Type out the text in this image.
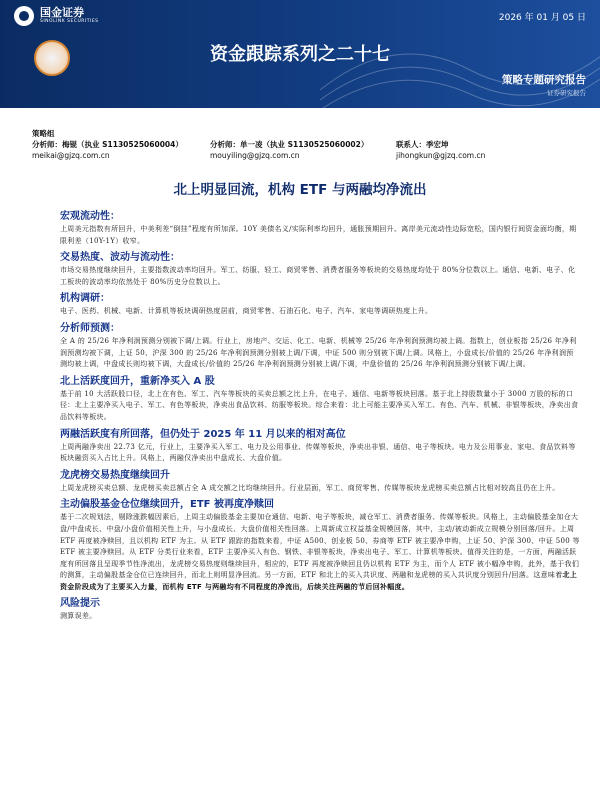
国金证券
SINOLINK SECURITIES	2026 年 01 月 05 日
资金跟踪系列之二十七
策略专题研究报告
证券研究报告
策略组
分析师：梅锟（执业 S1130525060004）	分析师：单一凌（执业 S1130525060002）	联系人：季宏坤
meikai@gjzq.com.cn	mouyiling@gjzq.com.cn	jihongkun@gjzq.com.cn
北上明显回流，机构 ETF 与两融均净流出
宏观流动性：
上周美元指数有所回升，中美利差“倒挂”程度有所加深。10Y 美债名义/实际利率均回升，通胀预期回升。离岸美元流动性边际宽松，国内银行间资金面均衡，期限利差（10Y-1Y）收窄。
交易热度、波动与流动性：
市场交易热度继续回升，主要指数波动率均回升。军工、纺服、轻工、商贸零售、消费者服务等板块的交易热度均处于 80%分位数以上。通信、电新、电子、化工板块的波动率均依然处于 80%历史分位数以上。
机构调研：
电子、医药、机械、电新、计算机等板块调研热度居前，商贸零售、石油石化、电子、汽车、家电等调研热度上升。
分析师预测：
全 A 的 25/26 年净利润预测分别被下调/上调。行业上，房地产、交运、化工、电新、机械等 25/26 年净利润预测均被上调。指数上，创业板指 25/26 年净利润预测均被下调，上证 50、沪深 300 的 25/26 年净利润预测分别被上调/下调，中证 500 则分别被下调/上调。风格上，小盘成长/价值的 25/26 年净利润预测均被上调，中盘成长则均被下调，大盘成长/价值的 25/26 年净利润预测分别被上调/下调，中盘价值的 25/26 年净利润预测分别被下调/上调。
北上活跃度回升，重新净买入 A 股
基于前 10 大活跃股口径，北上在有色、军工、汽车等板块的买卖总额之比上升，在电子、通信、电新等板块回落。基于北上持股数量小于 3000 万股的标的口径：北上主要净买入电子、军工、有色等板块，净卖出食品饮料、纺服等板块。综合来看：北上可能主要净买入军工、有色、汽车、机械、非银等板块，净卖出食品饮料等板块。
两融活跃度有所回落，但仍处于 2025 年 11 月以来的相对高位
上周两融净卖出 22.73 亿元，行业上，主要净买入军工、电力及公用事业、传媒等板块，净卖出非银、通信、电子等板块。电力及公用事业、家电、食品饮料等板块融资买入占比上升。风格上，两融仅净卖出中盘成长、大盘价值。
龙虎榜交易热度继续回升
上周龙虎榜买卖总额、龙虎榜买卖总额占全 A 成交额之比均继续回升。行业层面，军工、商贸零售、传媒等板块龙虎榜买卖总额占比相对较高且仍在上升。
主动偏股基金仓位继续回升，ETF 被再度净赎回
基于二次规划法，剔除涨跌幅因素后，上周主动偏股基金主要加仓通信、电新、电子等板块，减仓军工、消费者服务、传媒等板块。风格上，主动偏股基金加仓大盘/中盘成长、中盘/小盘价值相关性上升，与小盘成长、大盘价值相关性回落。上周新成立权益基金规模回落，其中，主动/被动新成立规模分别回落/回升。上周 ETF 再度被净赎回，且以机构 ETF 为主。从 ETF 跟踪的指数来看，中证 A500、创业板 50、券商等 ETF 被主要净申购，上证 50、沪深 300、中证 500 等 ETF 被主要净赎回。从 ETF 分类行业来看，ETF 主要净买入有色、钢铁、非银等板块，净卖出电子、军工、计算机等板块。值得关注的是，一方面，两融活跃度有所回落且呈现季节性净流出，龙虎榜交易热度则继续回升，相应的，ETF 再度被净赎回且仍以机构 ETF 为主，而个人 ETF 被小幅净申购，此外，基于我们的测算，主动偏股基金仓位已连续回升，而北上则明显净回流。另一方面，ETF 和北上的买入共识度、两融和龙虎榜的买入共识度分别回升/回落。这意味着北上资金阶段成为了主要买入力量，而机构 ETF 与两融均有不同程度的净流出，后续关注两融的节后回补幅度。
风险提示
测算误差。
